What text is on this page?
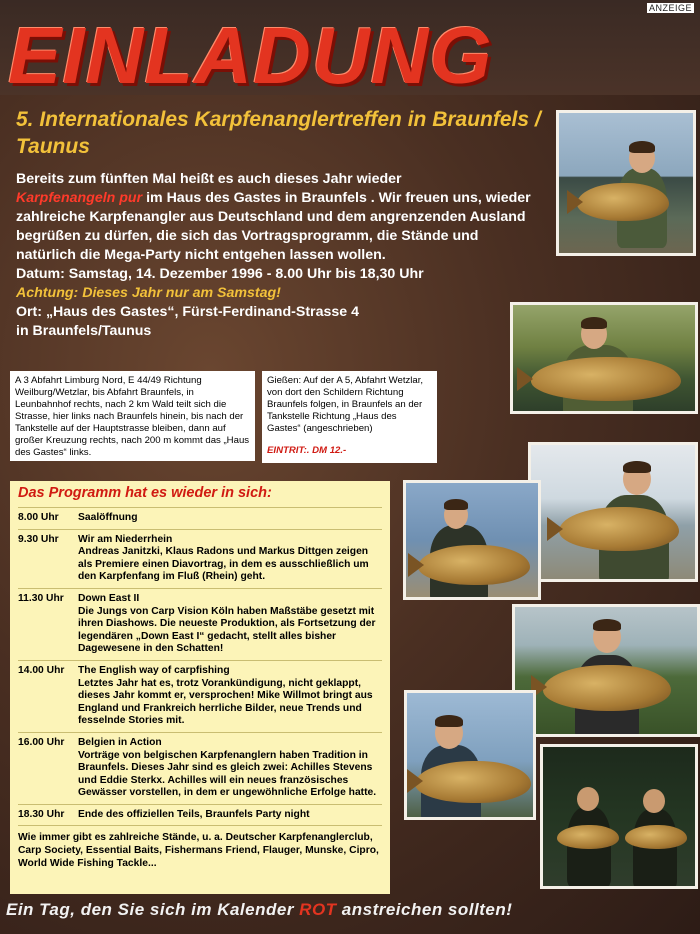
ANZEIGE
EINLADUNG
5. Internationales Karpfenanglertreffen in Braunfels / Taunus
Bereits zum fünften Mal heißt es auch dieses Jahr wieder
Karpfenangeln pur im Haus des Gastes in Braunfels . Wir freuen uns, wieder zahlreiche Karpfenangler aus Deutschland und dem angrenzenden Ausland begrüßen zu dürfen, die sich das Vortragsprogramm, die Stände und natürlich die Mega-Party nicht entgehen lassen wollen.
Datum: Samstag, 14. Dezember 1996 - 8.00 Uhr bis 18,30 Uhr
Achtung: Dieses Jahr nur am Samstag!
Ort: „Haus des Gastes“, Fürst-Ferdinand-Strasse 4
in Braunfels/Taunus
A 3 Abfahrt Limburg Nord, E 44/49 Richtung Weilburg/Wetzlar, bis Abfahrt Braunfels, in Leunbahnhof rechts, nach 2 km Wald teilt sich die Strasse, hier links nach Braunfels hinein, bis nach der Tankstelle auf der Hauptstrasse bleiben, dann auf großer Kreuzung rechts, nach 200 m kommt das „Haus des Gastes“ links.
Gießen: Auf der A 5, Abfahrt Wetzlar, von dort den Schildern Richtung Braunfels folgen, in Braunfels an der Tankstelle Richtung „Haus des Gastes“ (angeschrieben)
EINTRIT:. DM 12.-
Das Programm hat es wieder in sich:
8.00 Uhr	Saalöffnung
9.30 Uhr	Wir am Niederrhein
Andreas Janitzki, Klaus Radons und Markus Dittgen zeigen als Premiere einen Diavortrag, in dem es ausschließlich um den Karpfenfang im Fluß (Rhein) geht.
11.30 Uhr	Down East II
Die Jungs von Carp Vision Köln haben Maßstäbe gesetzt mit ihren Diashows. Die neueste Produktion, als Fortsetzung der legendären „Down East I“ gedacht, stellt alles bisher Dagewesene in den Schatten!
14.00 Uhr	The English way of carpfishing
Letztes Jahr hat es, trotz Vorankündigung, nicht geklappt, dieses Jahr kommt er, versprochen! Mike Willmot bringt aus England und Frankreich herrliche Bilder, neue Trends und fesselnde Stories mit.
16.00 Uhr	Belgien in Action
Vorträge von belgischen Karpfenanglern haben Tradition in Braunfels. Dieses Jahr sind es gleich zwei: Achilles Stevens und Eddie Sterkx. Achilles will ein neues französisches Gewässer vorstellen, in dem er ungewöhnliche Erfolge hatte.
18.30 Uhr	Ende des offiziellen Teils, Braunfels Party night
Wie immer gibt es zahlreiche Stände, u. a. Deutscher Karpfenanglerclub, Carp Society, Essential Baits, Fishermans Friend, Flauger, Munske, Cipro, World Wide Fishing Tackle...
Ein Tag, den Sie sich im Kalender ROT anstreichen sollten!
